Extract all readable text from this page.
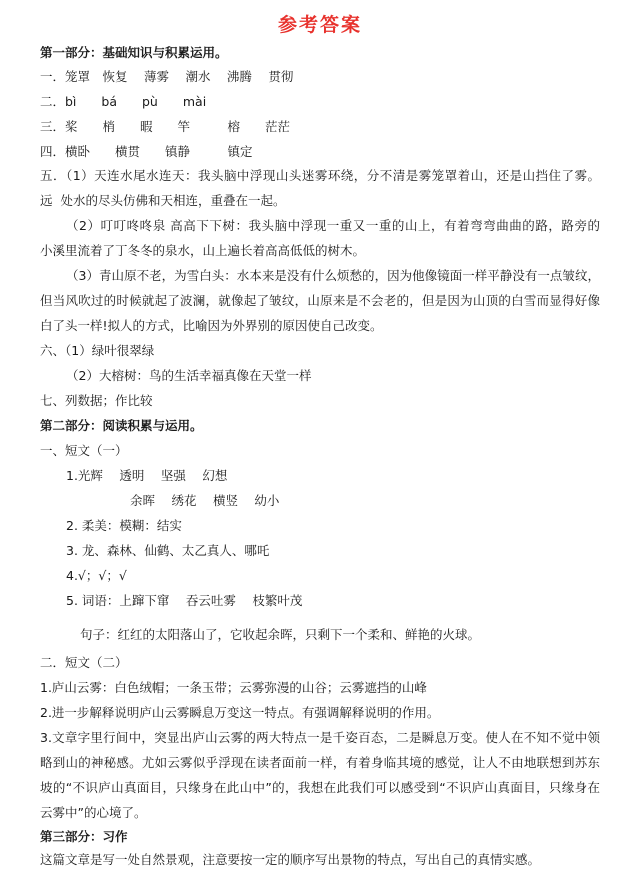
参考答案
第一部分：基础知识与积累运用。
一．笼罩　恢复　 薄雾　 潮水　 沸腾　 贯彻
二．bì　　bá　　pù　　mài
三．桨　　梢　　暇　　竿　　　榕　　茫茫
四．横卧　　横贯　　镇静　　　镇定
五．（1）天连水尾水连天：我头脑中浮现山头迷雾环绕，分不清是雾笼罩着山，还是山挡住了雾。
远  处水的尽头仿佛和天相连，重叠在一起。
（2）叮叮咚咚泉 高高下下树：我头脑中浮现一重又一重的山上，有着弯弯曲曲的路，路旁的
小溪里流着了丁冬冬的泉水，山上遍长着高高低低的树木。
（3）青山原不老，为雪白头：水本来是没有什么烦愁的，因为他像镜面一样平静没有一点皱纹，
但当风吹过的时候就起了波澜，就像起了皱纹，山原来是不会老的，但是因为山顶的白雪而显得好像
白了头一样!拟人的方式，比喻因为外界别的原因使自己改变。
六、（1）绿叶很翠绿
（2）大榕树：鸟的生活幸福真像在天堂一样
七、列数据；作比较
第二部分：阅读积累与运用。
一、短文（一）
1.光辉　 透明　 坚强　 幻想
余晖　 绣花　 横竖　 幼小
2. 柔美：模糊：结实
3. 龙、森林、仙鹤、太乙真人、哪吒
4.√；√；√
5. 词语：上蹿下窜　 吞云吐雾　 枝繁叶茂
句子：红红的太阳落山了，它收起余晖，只剩下一个柔和、鲜艳的火球。
二．短文（二）
1.庐山云雾：白色绒帽；一条玉带；云雾弥漫的山谷；云雾遮挡的山峰
2.进一步解释说明庐山云雾瞬息万变这一特点。有强调解释说明的作用。
3.文章字里行间中，突显出庐山云雾的两大特点一是千姿百态，二是瞬息万变。使人在不知不觉中领
略到山的神秘感。尤如云雾似乎浮现在读者面前一样，有着身临其境的感觉，让人不由地联想到苏东
坡的“不识庐山真面目，只缘身在此山中”的，我想在此我们可以感受到“不识庐山真面目，只缘身在
云雾中”的心境了。
第三部分：习作
这篇文章是写一处自然景观，注意要按一定的顺序写出景物的特点，写出自己的真情实感。
